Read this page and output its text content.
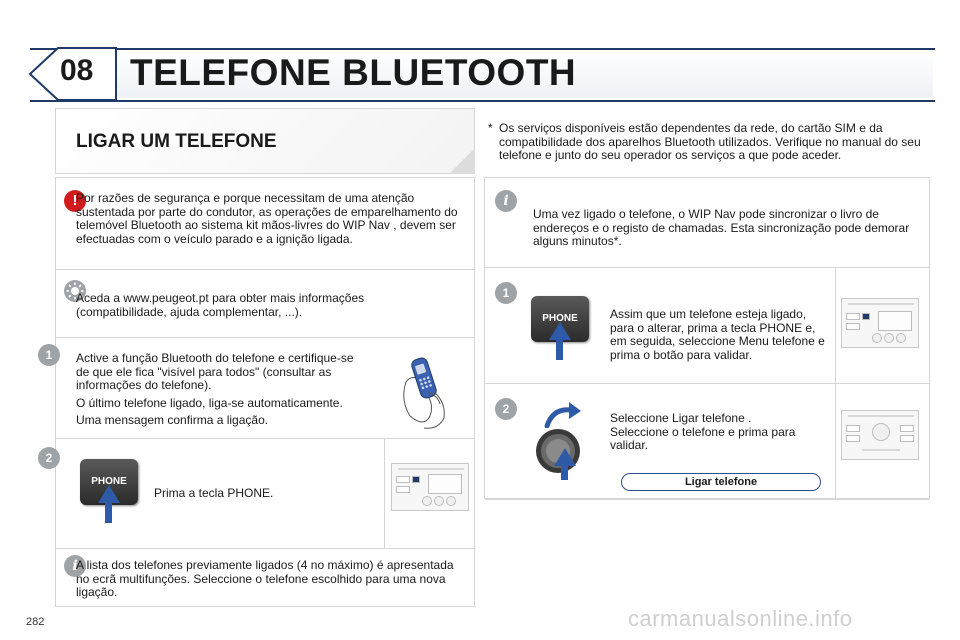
08 TELEFONE BLUETOOTH
LIGAR UM TELEFONE
* Os serviços disponíveis estão dependentes da rede, do cartão SIM e da compatibilidade dos aparelhos Bluetooth utilizados. Verifique no manual do seu telefone e junto do seu operador os serviços a que pode aceder.
!
Por razões de segurança e porque necessitam de uma atenção sustentada por parte do condutor, as operações de emparelhamento do telemóvel Bluetooth ao sistema kit mãos-livres do WIP Nav , devem ser efectuadas com o veículo parado e a ignição ligada.
Aceda a www.peugeot.pt para obter mais informações (compatibilidade, ajuda complementar, ...).
1	Active a função Bluetooth do telefone e certifique-se de que ele fica "visível para todos" (consultar as informações do telefone).

O último telefone ligado, liga-se automaticamente.

Uma mensagem confirma a ligação.

2
PHONE
Prima a tecla PHONE.
i
A lista dos telefones previamente ligados (4 no máximo) é apresentada no ecrã multifunções. Seleccione o telefone escolhido para uma nova ligação.
i
Uma vez ligado o telefone, o WIP Nav pode sincronizar o livro de endereços e o registo de chamadas. Esta sincronização pode demorar alguns minutos*.
1
PHONE	Assim que um telefone esteja ligado, para o alterar, prima a tecla PHONE e, em seguida, seleccione Menu telefone e prima o botão para validar.
2
Seleccione Ligar telefone . Seleccione o telefone e prima para validar.
Ligar telefone
282	carmanualsonline.info
